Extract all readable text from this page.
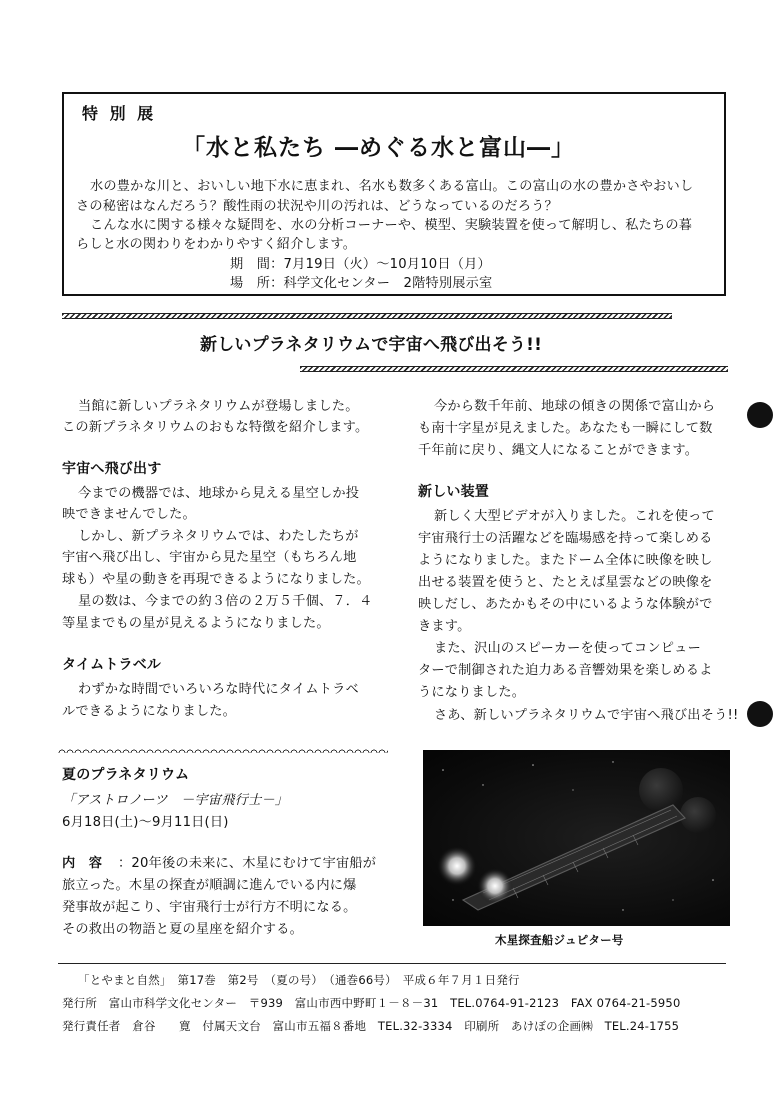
特 別 展
「水と私たち ―めぐる水と富山―」
水の豊かな川と、おいしい地下水に恵まれ、名水も数多くある富山。この富山の水の豊かさやおいし
さの秘密はなんだろう？酸性雨の状況や川の汚れは、どうなっているのだろう？
こんな水に関する様々な疑問を、水の分析コーナーや、模型、実験装置を使って解明し、私たちの暮
らしと水の関わりをわかりやすく紹介します。
期　間：7月19日（火）～10月10日（月）
場　所：科学文化センター　2階特別展示室
新しいプラネタリウムで宇宙へ飛び出そう!!
当館に新しいプラネタリウムが登場しました。
この新プラネタリウムのおもな特徴を紹介します。
宇宙へ飛び出す
今までの機器では、地球から見える星空しか投
映できませんでした。
しかし、新プラネタリウムでは、わたしたちが
宇宙へ飛び出し、宇宙から見た星空（もちろん地
球も）や星の動きを再現できるようになりました。
星の数は、今までの約３倍の２万５千個、７．４
等星までもの星が見えるようになりました。
タイムトラベル
わずかな時間でいろいろな時代にタイムトラベ
ルできるようになりました。
今から数千年前、地球の傾きの関係で富山から
も南十字星が見えました。あなたも一瞬にして数
千年前に戻り、縄文人になることができます。
新しい装置
新しく大型ビデオが入りました。これを使って
宇宙飛行士の活躍などを臨場感を持って楽しめる
ようになりました。またドーム全体に映像を映し
出せる装置を使うと、たとえば星雲などの映像を
映しだし、あたかもその中にいるような体験がで
きます。
また、沢山のスピーカーを使ってコンピュー
ターで制御された迫力ある音響効果を楽しめるよ
うになりました。
さあ、新しいプラネタリウムで宇宙へ飛び出そう!!
夏のプラネタリウム
「アストロノーツ　－宇宙飛行士－」
6月18日(土)～9月11日(日)
内　容 ：20年後の未来に、木星にむけて宇宙船が
旅立った。木星の探査が順調に進んでいる内に爆
発事故が起こり、宇宙飛行士が行方不明になる。
その救出の物語と夏の星座を紹介する。
木星探査船ジュピター号
「とやまと自然」　第17巻　第2号　（夏の号）　（通巻66号）　平成６年７月１日発行
発行所　富山市科学文化センター　〒939　富山市西中野町１－８－31　TEL.0764-91-2123　FAX 0764-21-5950
発行責任者　倉谷　　寛　付属天文台　富山市五福８番地　TEL.32-3334　印刷所　あけぼの企画㈱　TEL.24-1755
